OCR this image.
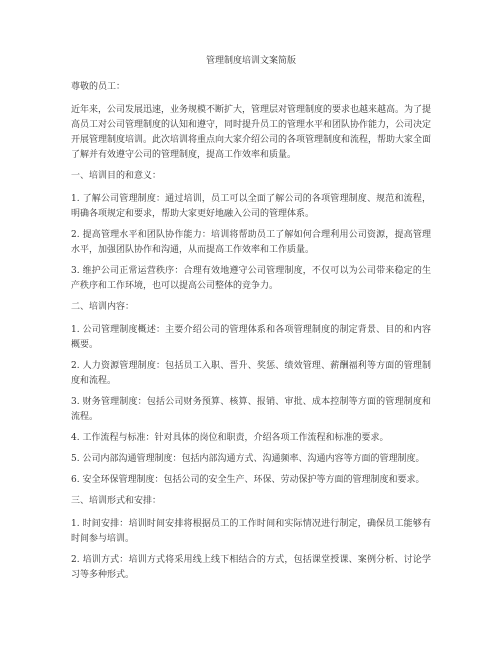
管理制度培训文案简版

尊敬的员工：

近年来，公司发展迅速，业务规模不断扩大，管理层对管理制度的要求也越来越高。为了提高员工对公司管理制度的认知和遵守，同时提升员工的管理水平和团队协作能力，公司决定开展管理制度培训。此次培训将重点向大家介绍公司的各项管理制度和流程，帮助大家全面了解并有效遵守公司的管理制度，提高工作效率和质量。

一、培训目的和意义：

1. 了解公司管理制度：通过培训，员工可以全面了解公司的各项管理制度、规范和流程，明确各项规定和要求，帮助大家更好地融入公司的管理体系。

2. 提高管理水平和团队协作能力：培训将帮助员工了解如何合理利用公司资源，提高管理水平，加强团队协作和沟通，从而提高工作效率和工作质量。

3. 维护公司正常运营秩序：合理有效地遵守公司管理制度，不仅可以为公司带来稳定的生产秩序和工作环境，也可以提高公司整体的竞争力。

二、培训内容：

1. 公司管理制度概述：主要介绍公司的管理体系和各项管理制度的制定背景、目的和内容概要。

2. 人力资源管理制度：包括员工入职、晋升、奖惩、绩效管理、薪酬福利等方面的管理制度和流程。

3. 财务管理制度：包括公司财务预算、核算、报销、审批、成本控制等方面的管理制度和流程。

4. 工作流程与标准：针对具体的岗位和职责，介绍各项工作流程和标准的要求。

5. 公司内部沟通管理制度：包括内部沟通方式、沟通频率、沟通内容等方面的管理制度。

6. 安全环保管理制度：包括公司的安全生产、环保、劳动保护等方面的管理制度和要求。

三、培训形式和安排：

1. 时间安排：培训时间安排将根据员工的工作时间和实际情况进行制定，确保员工能够有时间参与培训。

2. 培训方式：培训方式将采用线上线下相结合的方式，包括课堂授课、案例分析、讨论学习等多种形式。
